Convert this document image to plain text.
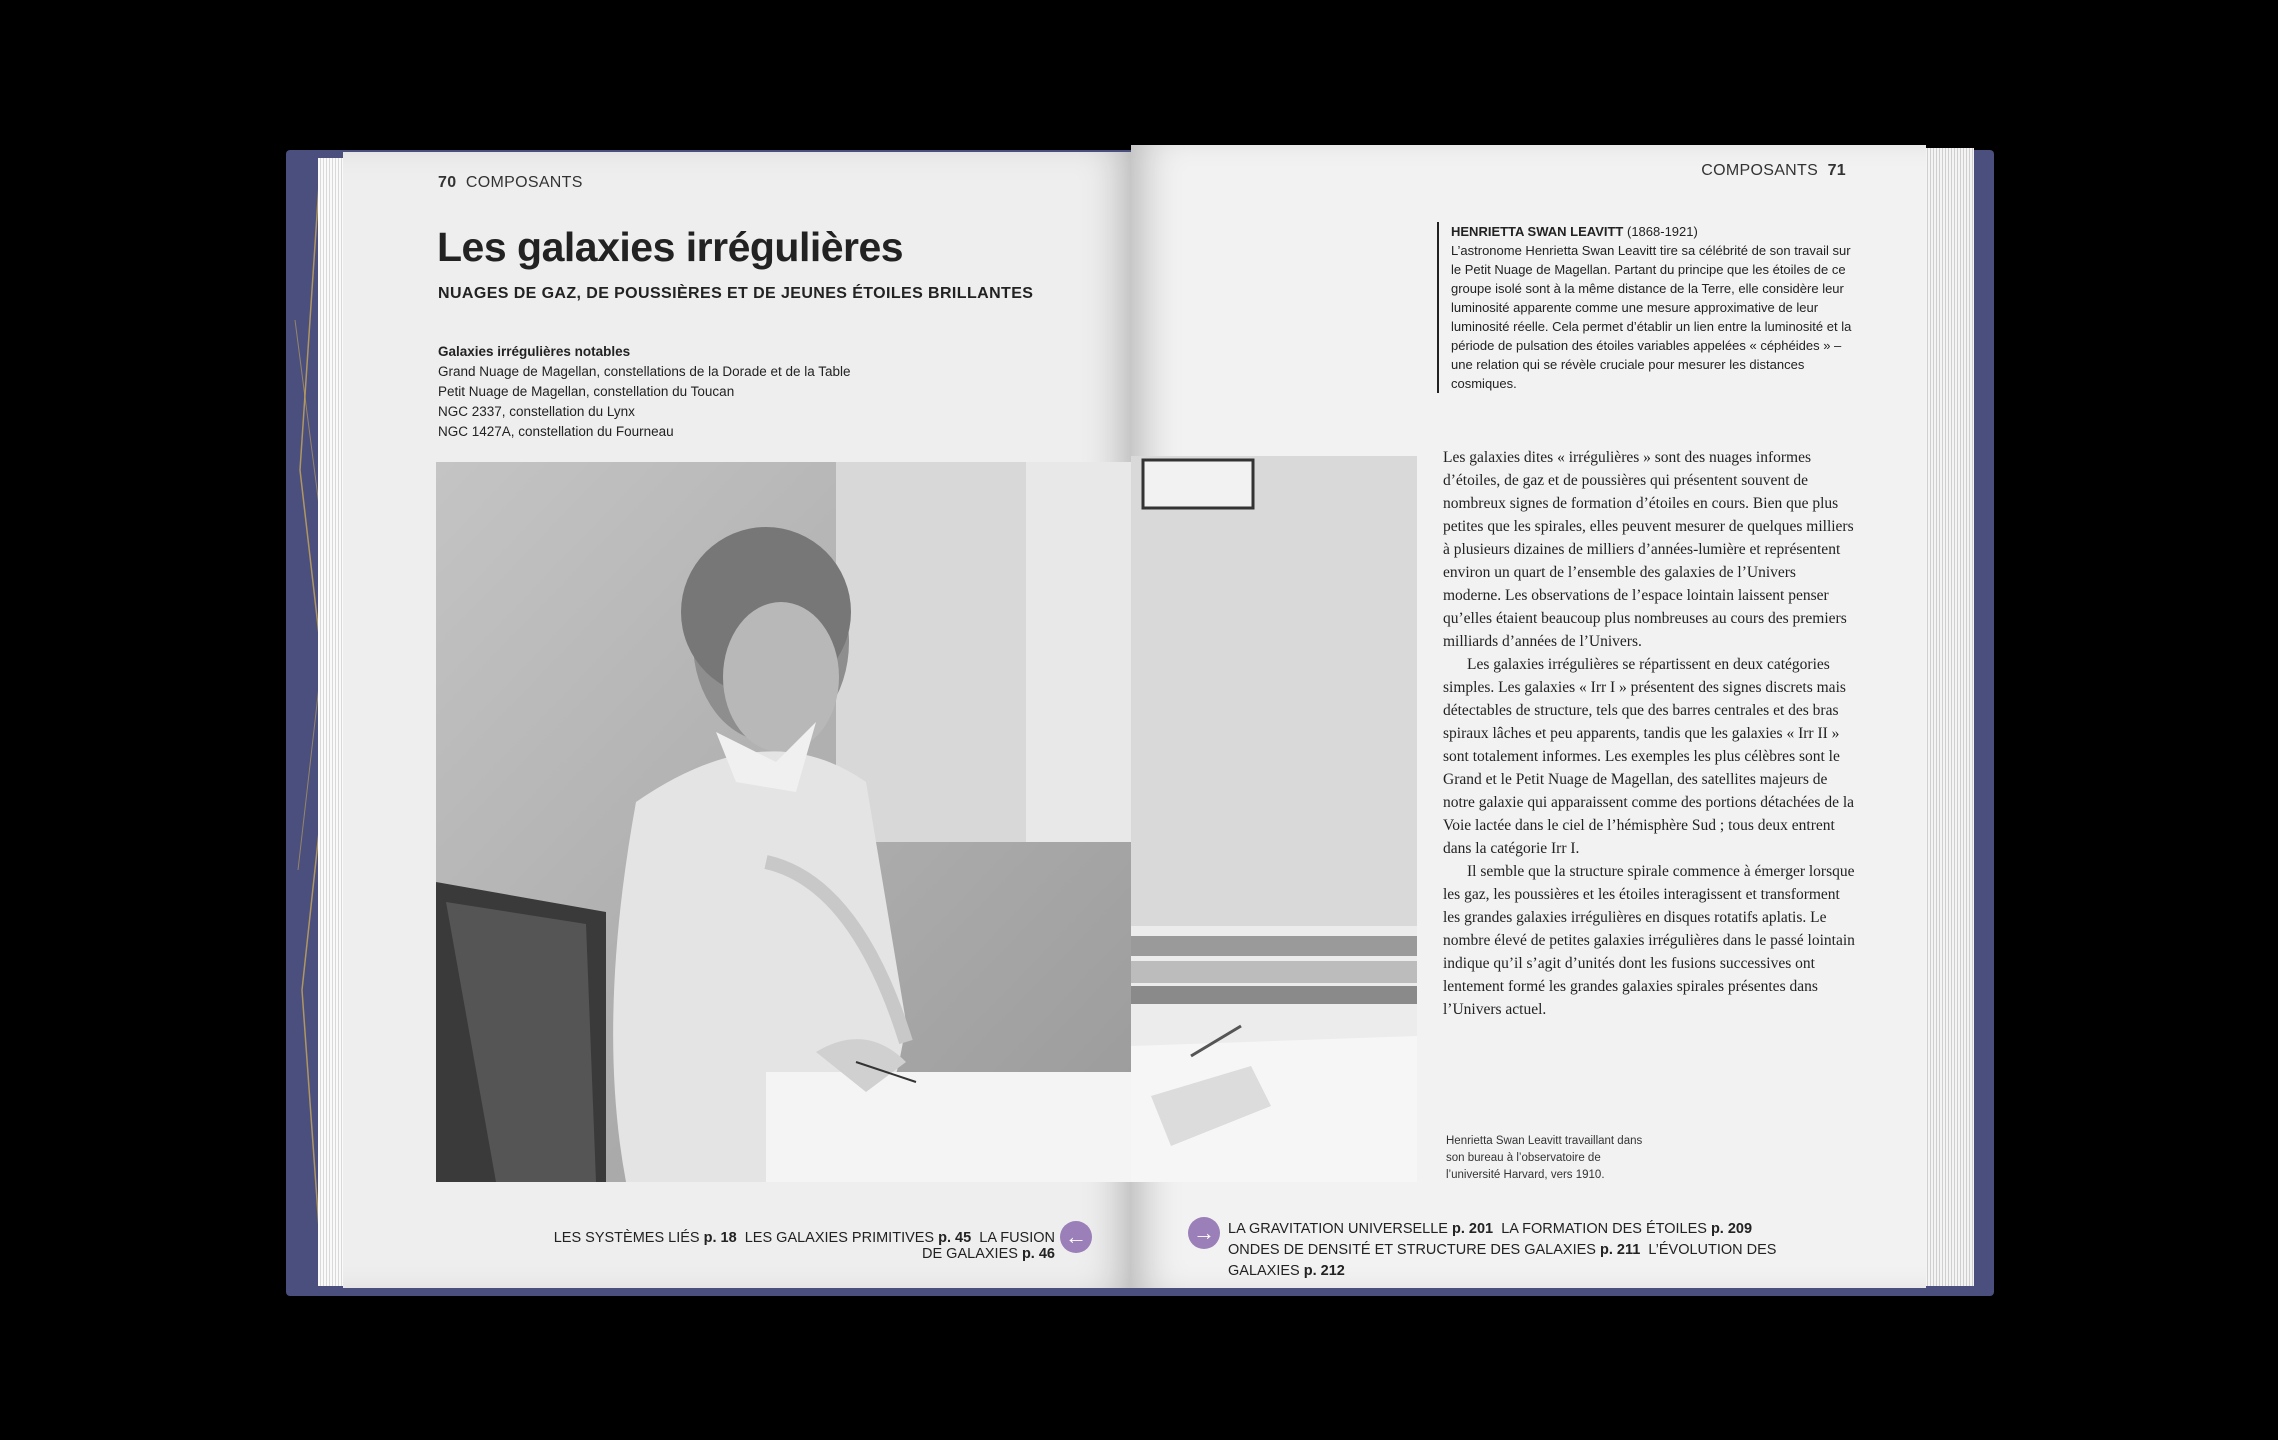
70 COMPOSANTS
Les galaxies irrégulières
NUAGES DE GAZ, DE POUSSIÈRES ET DE JEUNES ÉTOILES BRILLANTES
Galaxies irrégulières notables
Grand Nuage de Magellan, constellations de la Dorade et de la Table
Petit Nuage de Magellan, constellation du Toucan
NGC 2337, constellation du Lynx
NGC 1427A, constellation du Fourneau
LES SYSTÈMES LIÉS p. 18 LES GALAXIES PRIMITIVES p. 45 LA FUSION DE GALAXIES p. 46
←
COMPOSANTS 71
HENRIETTA SWAN LEAVITT (1868-1921)
L’astronome Henrietta Swan Leavitt tire sa célébrité de son travail sur le Petit Nuage de Magellan. Partant du principe que les étoiles de ce groupe isolé sont à la même distance de la Terre, elle considère leur luminosité apparente comme une mesure approximative de leur luminosité réelle. Cela permet d’établir un lien entre la luminosité et la période de pulsation des étoiles variables appelées « céphéides » – une relation qui se révèle cruciale pour mesurer les distances cosmiques.

Les galaxies dites « irrégulières » sont des nuages informes d’étoiles, de gaz et de poussières qui présentent souvent de nombreux signes de formation d’étoiles en cours. Bien que plus petites que les spirales, elles peuvent mesurer de quelques milliers à plusieurs dizaines de milliers d’années-lumière et représentent environ un quart de l’ensemble des galaxies de l’Univers moderne. Les observations de l’espace lointain laissent penser qu’elles étaient beaucoup plus nombreuses au cours des premiers milliards d’années de l’Univers.

Les galaxies irrégulières se répartissent en deux catégories simples. Les galaxies « Irr I » présentent des signes discrets mais détectables de structure, tels que des barres centrales et des bras spiraux lâches et peu apparents, tandis que les galaxies « Irr II » sont totalement informes. Les exemples les plus célèbres sont le Grand et le Petit Nuage de Magellan, des satellites majeurs de notre galaxie qui apparaissent comme des portions détachées de la Voie lactée dans le ciel de l’hémisphère Sud ; tous deux entrent dans la catégorie Irr I.

Il semble que la structure spirale commence à émerger lorsque les gaz, les poussières et les étoiles interagissent et transforment les grandes galaxies irrégulières en disques rotatifs aplatis. Le nombre élevé de petites galaxies irrégulières dans le passé lointain indique qu’il s’agit d’unités dont les fusions successives ont lentement formé les grandes galaxies spirales présentes dans l’Univers actuel.

Henrietta Swan Leavitt travaillant dans son bureau à l’observatoire de l’université Harvard, vers 1910.
→ LA GRAVITATION UNIVERSELLE p. 201 LA FORMATION DES ÉTOILES p. 209
ONDES DE DENSITÉ ET STRUCTURE DES GALAXIES p. 211 L’ÉVOLUTION DES GALAXIES p. 212
